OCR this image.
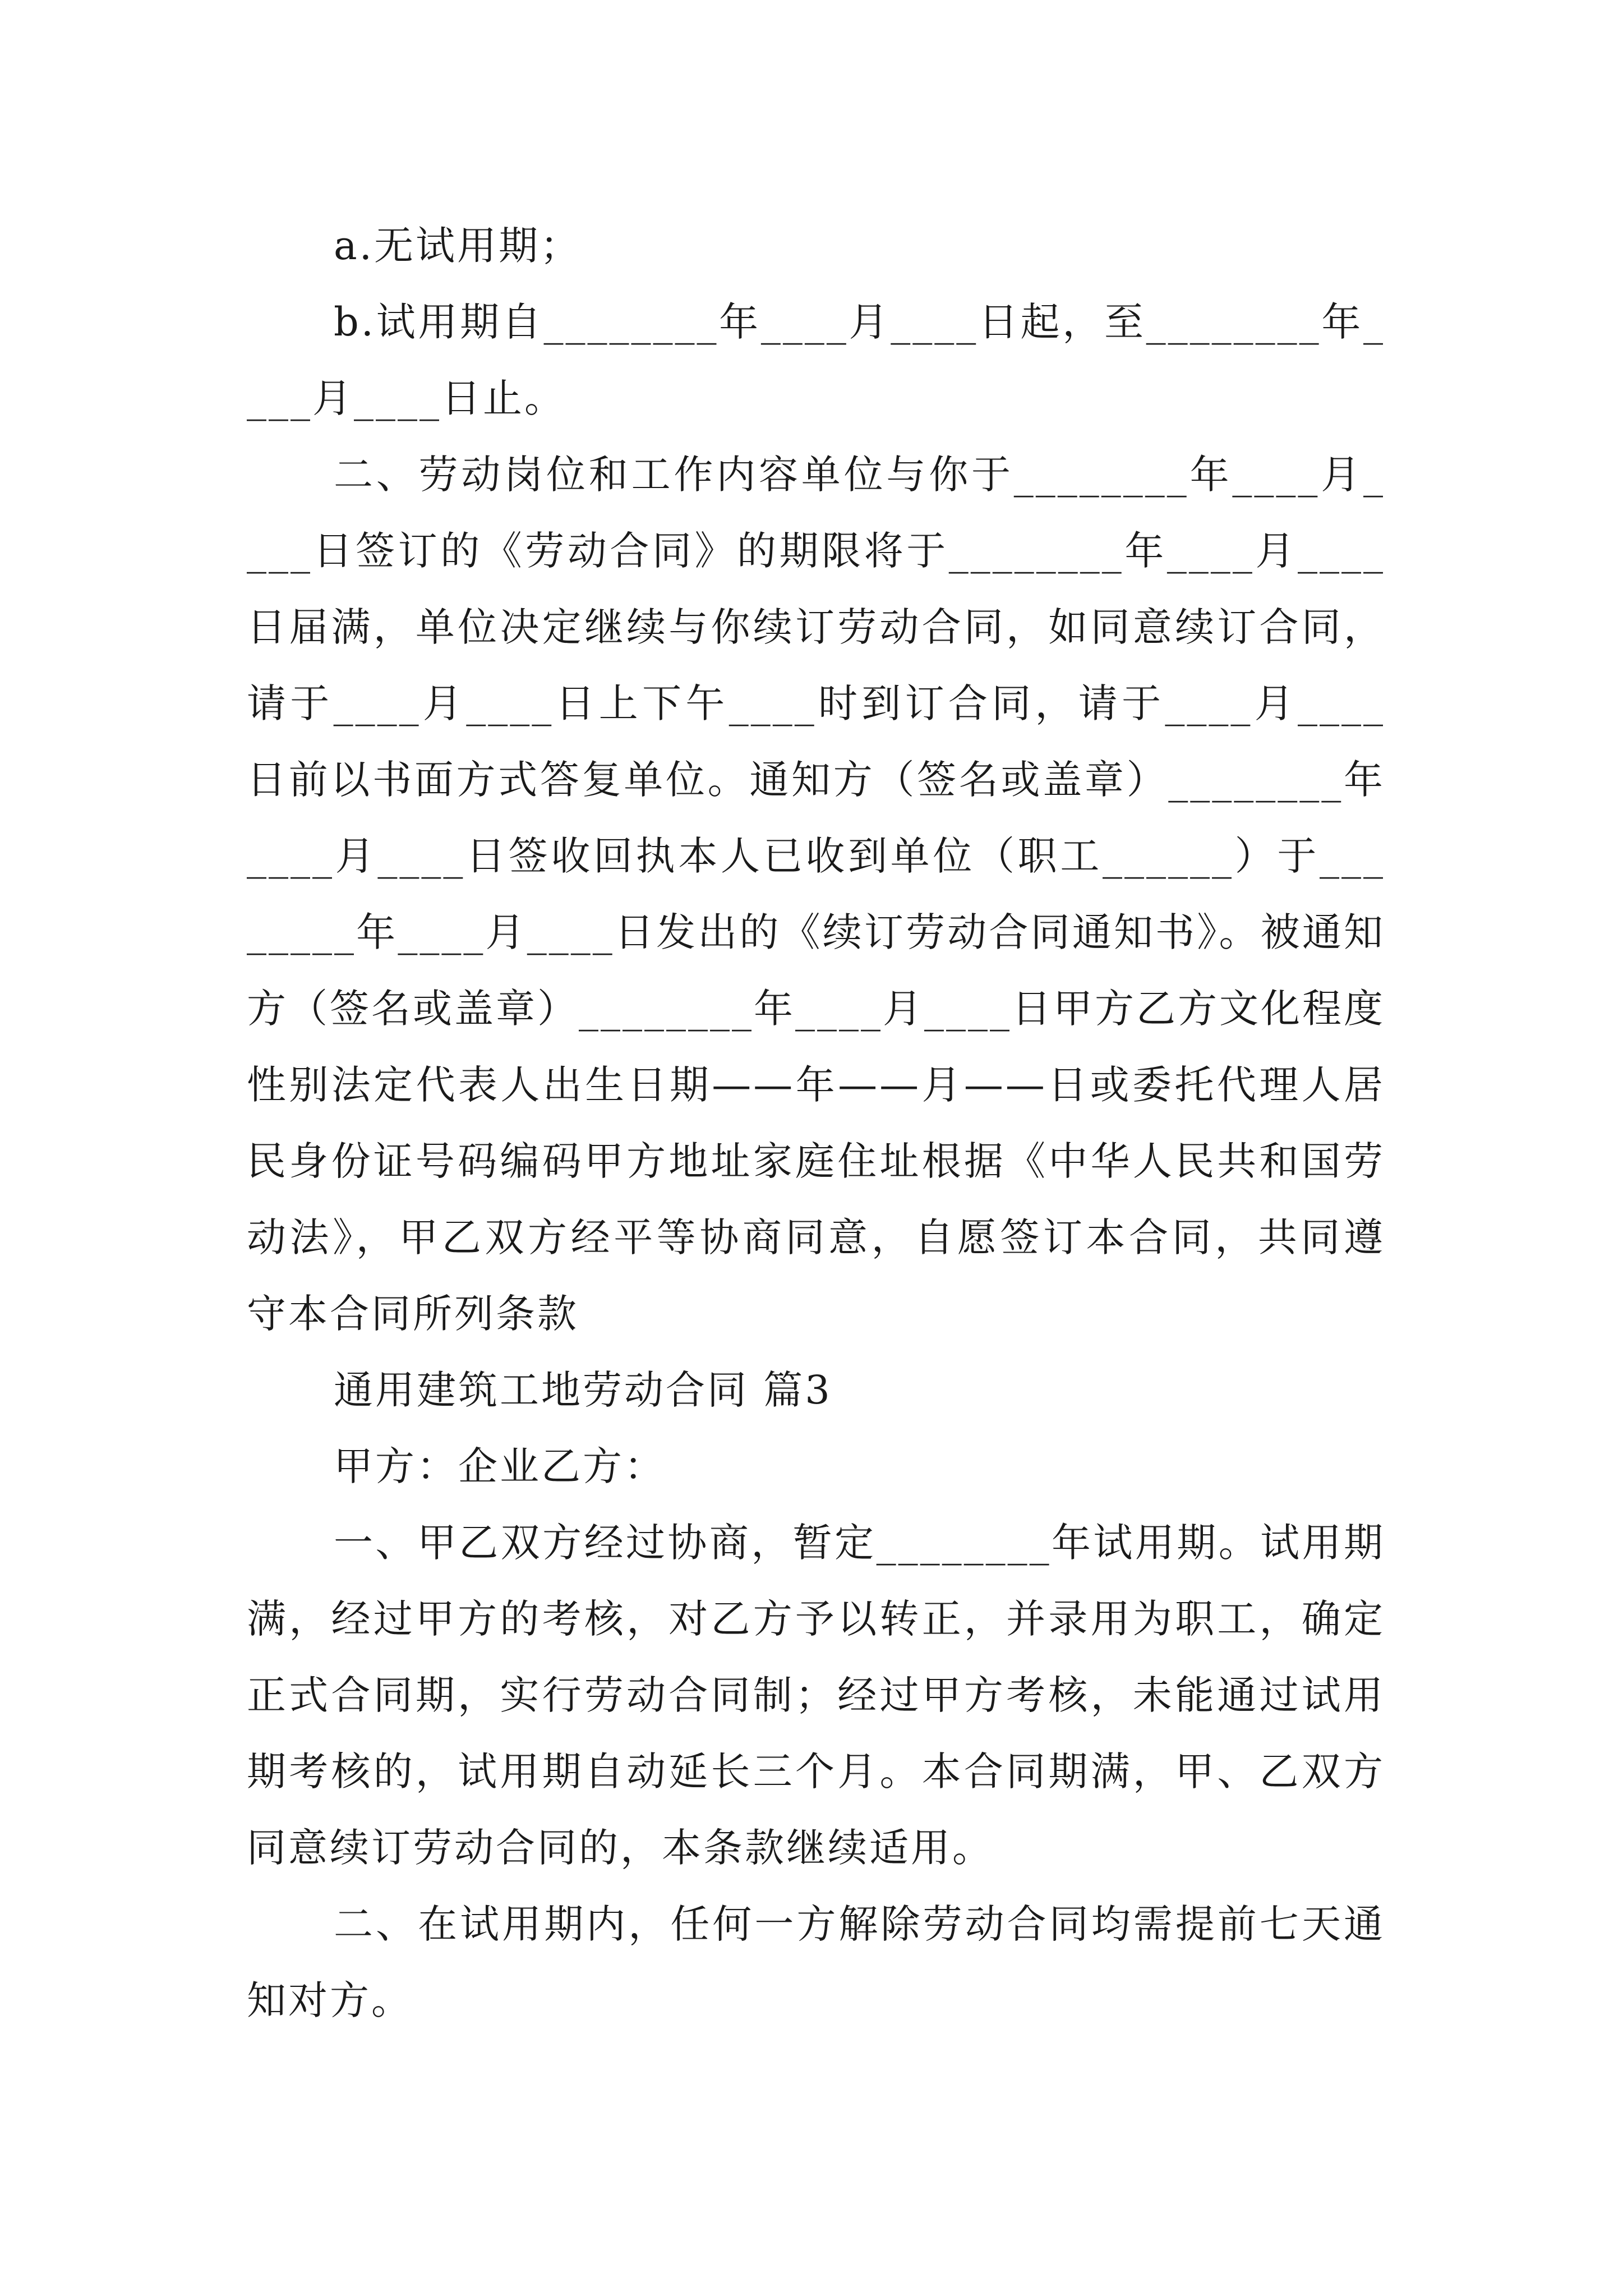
a.无试用期；

b.试用期自________年____月____日起，至________年____月____日止。

二、劳动岗位和工作内容单位与你于________年____月____日签订的《劳动合同》的期限将于________年____月____日届满，单位决定继续与你续订劳动合同，如同意续订合同，请于____月____日上下午____时到订合同，请于____月____日前以书面方式答复单位。通知方（签名或盖章）________年____月____日签收回执本人已收到单位（职工______）于________年____月____日发出的《续订劳动合同通知书》。被通知方（签名或盖章）________年____月____日甲方乙方文化程度性别法定代表人出生日期——年——月——日或委托代理人居民身份证号码编码甲方地址家庭住址根据《中华人民共和国劳动法》，甲乙双方经平等协商同意，自愿签订本合同，共同遵守本合同所列条款

通用建筑工地劳动合同 篇3

甲方：企业乙方：

一、甲乙双方经过协商，暂定________年试用期。试用期满，经过甲方的考核，对乙方予以转正，并录用为职工，确定正式合同期，实行劳动合同制；经过甲方考核，未能通过试用期考核的，试用期自动延长三个月。本合同期满，甲、乙双方同意续订劳动合同的，本条款继续适用。

二、在试用期内，任何一方解除劳动合同均需提前七天通知对方。
